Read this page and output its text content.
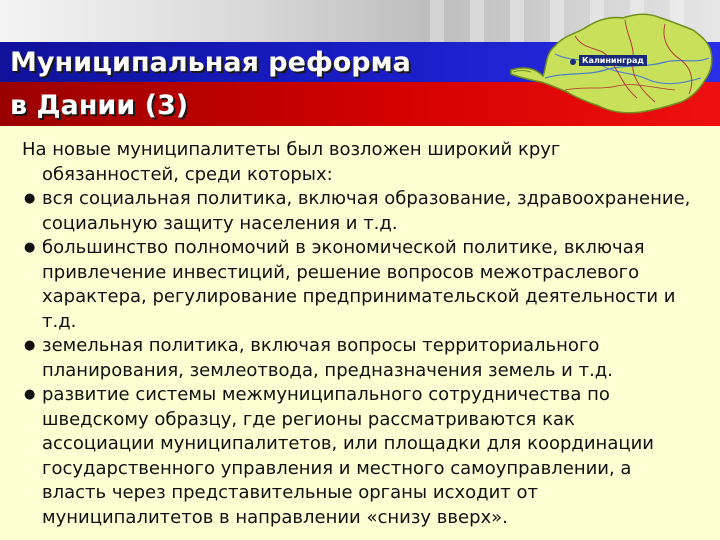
Муниципальная реформа
в Дании (3)
Калининград

На новые муниципалитеты был возложен широкий круг обязанностей, среди которых:

● вся социальная политика, включая образование, здравоохранение, социальную защиту населения и т.д.
● большинство полномочий в экономической политике, включая привлечение инвестиций, решение вопросов межотраслевого характера, регулирование предпринимательской деятельности и т.д.
● земельная политика, включая вопросы территориального планирования, землеотвода, предназначения земель и т.д.
● развитие системы межмуниципального сотрудничества по шведскому образцу, где регионы рассматриваются как ассоциации муниципалитетов, или площадки для координации государственного управления и местного самоуправлении, а власть через представительные органы исходит от муниципалитетов в направлении «снизу вверх».
